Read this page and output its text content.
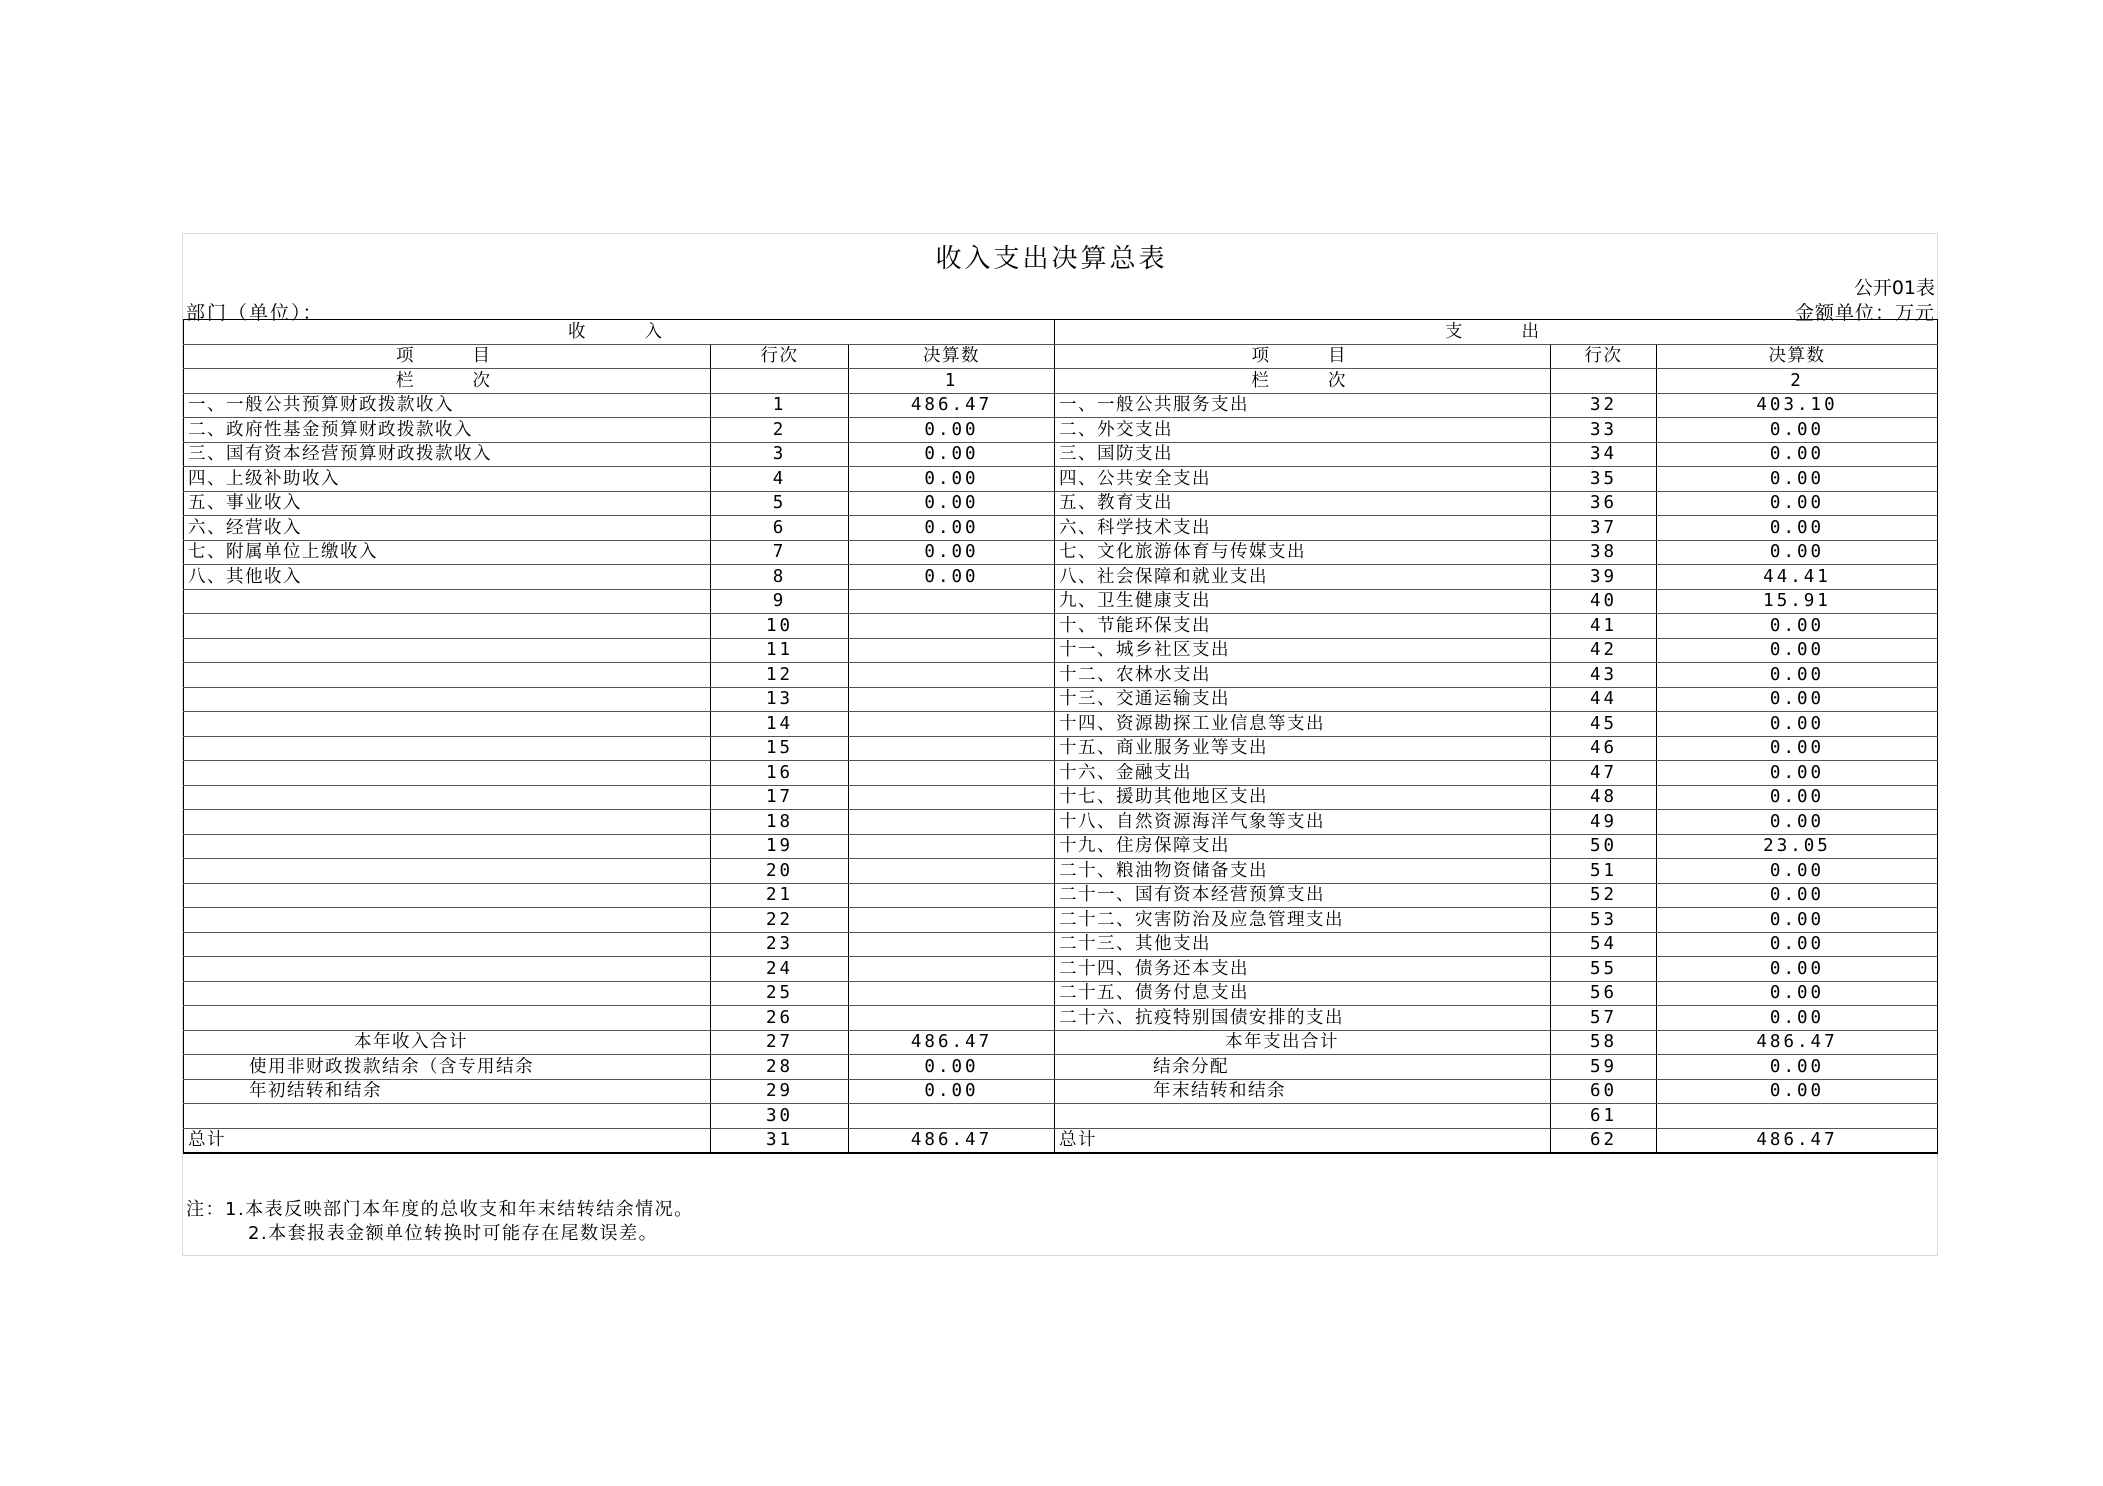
收入支出决算总表
公开01表
部门（单位）：	金额单位：万元
收　　入			支　　出		
项　　目	行次	决算数	项　　目	行次	决算数
栏　　次		1	栏　　次		2
一、一般公共预算财政拨款收入	1	486.47	一、一般公共服务支出	32	403.10
二、政府性基金预算财政拨款收入	2	0.00	二、外交支出	33	0.00
三、国有资本经营预算财政拨款收入	3	0.00	三、国防支出	34	0.00
四、上级补助收入	4	0.00	四、公共安全支出	35	0.00
五、事业收入	5	0.00	五、教育支出	36	0.00
六、经营收入	6	0.00	六、科学技术支出	37	0.00
七、附属单位上缴收入	7	0.00	七、文化旅游体育与传媒支出	38	0.00
八、其他收入	8	0.00	八、社会保障和就业支出	39	44.41
	9		九、卫生健康支出	40	15.91
	10		十、节能环保支出	41	0.00
	11		十一、城乡社区支出	42	0.00
	12		十二、农林水支出	43	0.00
	13		十三、交通运输支出	44	0.00
	14		十四、资源勘探工业信息等支出	45	0.00
	15		十五、商业服务业等支出	46	0.00
	16		十六、金融支出	47	0.00
	17		十七、援助其他地区支出	48	0.00
	18		十八、自然资源海洋气象等支出	49	0.00
	19		十九、住房保障支出	50	23.05
	20		二十、粮油物资储备支出	51	0.00
	21		二十一、国有资本经营预算支出	52	0.00
	22		二十二、灾害防治及应急管理支出	53	0.00
	23		二十三、其他支出	54	0.00
	24		二十四、债务还本支出	55	0.00
	25		二十五、债务付息支出	56	0.00
	26		二十六、抗疫特别国债安排的支出	57	0.00
本年收入合计	27	486.47	本年支出合计	58	486.47
使用非财政拨款结余（含专用结余	28	0.00	结余分配	59	0.00
年初结转和结余	29	0.00	年末结转和结余	60	0.00
	30			61	
总计	31	486.47	总计	62	486.47
注：1.本表反映部门本年度的总收支和年末结转结余情况。
2.本套报表金额单位转换时可能存在尾数误差。
